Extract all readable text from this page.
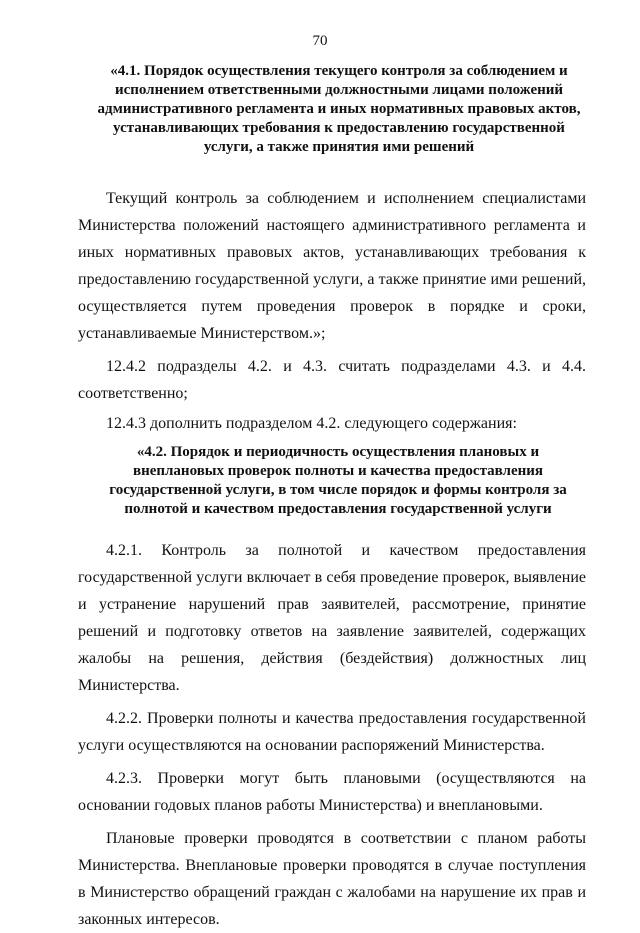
70

«4.1. Порядок осуществления текущего контроля за соблюдением и исполнением ответственными должностными лицами положений административного регламента и иных нормативных правовых актов, устанавливающих требования к предоставлению государственной услуги, а также принятия ими решений

Текущий контроль за соблюдением и исполнением специалистами Министерства положений настоящего административного регламента и иных нормативных правовых актов, устанавливающих требования к предоставлению государственной услуги, а также принятие ими решений, осуществляется путем проведения проверок в порядке и сроки, устанавливаемые Министерством.»;

12.4.2 подразделы 4.2. и 4.3. считать подразделами 4.3. и 4.4. соответственно;

12.4.3 дополнить подразделом 4.2. следующего содержания:

«4.2. Порядок и периодичность осуществления плановых и внеплановых проверок полноты и качества предоставления государственной услуги, в том числе порядок и формы контроля за полнотой и качеством предоставления государственной услуги

4.2.1. Контроль за полнотой и качеством предоставления государственной услуги включает в себя проведение проверок, выявление и устранение нарушений прав заявителей, рассмотрение, принятие решений и подготовку ответов на заявление заявителей, содержащих жалобы на решения, действия (бездействия) должностных лиц Министерства.

4.2.2. Проверки полноты и качества предоставления государственной услуги осуществляются на основании распоряжений Министерства.

4.2.3. Проверки могут быть плановыми (осуществляются на основании годовых планов работы Министерства) и внеплановыми.

Плановые проверки проводятся в соответствии с планом работы Министерства. Внеплановые проверки проводятся в случае поступления в Министерство обращений граждан с жалобами на нарушение их прав и законных интересов.
